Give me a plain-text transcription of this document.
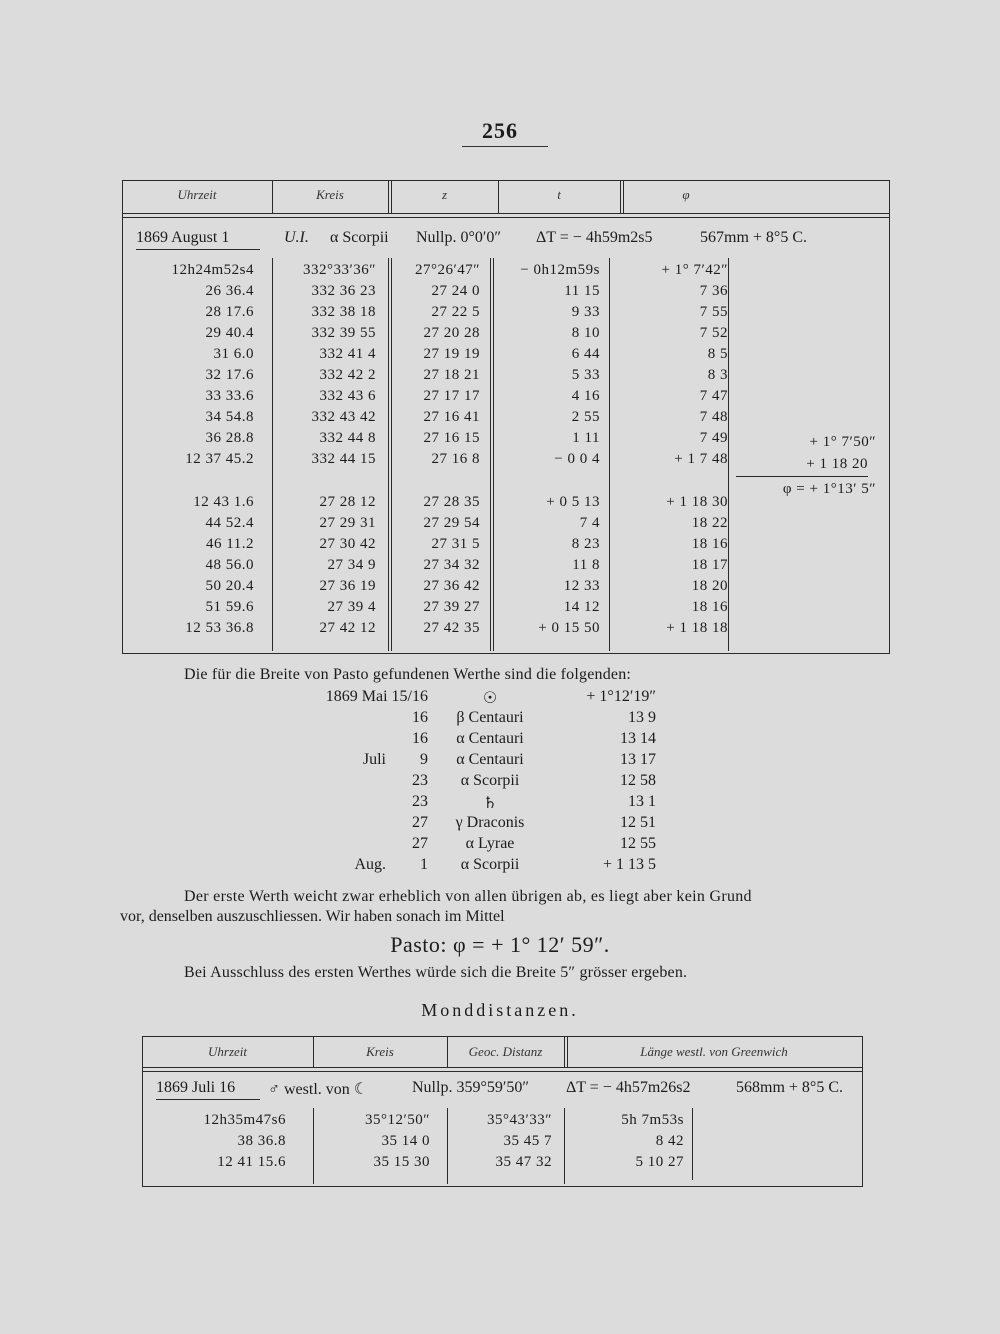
256
Uhrzeit	Kreis	z	t	φ
1869 August 1	U.I. α Scorpii Nullp. 0°0′0″ ΔT = − 4h59m2s5	567mm + 8°5 C.
12h24m52s4	332°33′36″	27°26′47″	− 0h12m59s	+ 1° 7′42″
26 36.4	332 36 23	27 24 0	11 15	7 36
28 17.6	332 38 18	27 22 5	9 33	7 55
29 40.4	332 39 55	27 20 28	8 10	7 52
31 6.0	332 41 4	27 19 19	6 44	8 5
32 17.6	332 42 2	27 18 21	5 33	8 3
33 33.6	332 43 6	27 17 17	4 16	7 47
34 54.8	332 43 42	27 16 41	2 55	7 48
36 28.8	332 44 8	27 16 15	1 11	7 49
12 37 45.2	332 44 15	27 16 8	− 0 0 4	+ 1 7 48
12 43 1.6	27 28 12	27 28 35	+ 0 5 13	+ 1 18 30
44 52.4	27 29 31	27 29 54	7 4	18 22
46 11.2	27 30 42	27 31 5	8 23	18 16
48 56.0	27 34 9	27 34 32	11 8	18 17
50 20.4	27 36 19	27 36 42	12 33	18 20
51 59.6	27 39 4	27 39 27	14 12	18 16
12 53 36.8	27 42 12	27 42 35	+ 0 15 50	+ 1 18 18
+ 1° 7′50″
+ 1 18 20
φ = + 1°13′ 5″
Die für die Breite von Pasto gefundenen Werthe sind die folgenden:
1869 Mai 15/16	☉	+ 1°12′19″
16	β Centauri	13 9
16	α Centauri	13 14
Juli	9	α Centauri	13 17
23	α Scorpii	12 58
23	♄	13 1
27	γ Draconis	12 51
27	α Lyrae	12 55
Aug.	1	α Scorpii	+ 1 13 5
Der erste Werth weicht zwar erheblich von allen übrigen ab, es liegt aber kein Grund
vor, denselben auszuschliessen. Wir haben sonach im Mittel
Pasto: φ = + 1° 12′ 59″.
Bei Ausschluss des ersten Werthes würde sich die Breite 5″ grösser ergeben.
Monddistanzen.
Uhrzeit	Kreis	Geoc. Distanz	Länge westl. von Greenwich
1869 Juli 16 ♂ westl. von ☾	Nullp. 359°59′50″ ΔT = − 4h57m26s2	568mm + 8°5 C.
12h35m47s6	35°12′50″	35°43′33″	5h 7m53s
38 36.8	35 14 0	35 45 7	8 42
12 41 15.6	35 15 30	35 47 32	5 10 27
